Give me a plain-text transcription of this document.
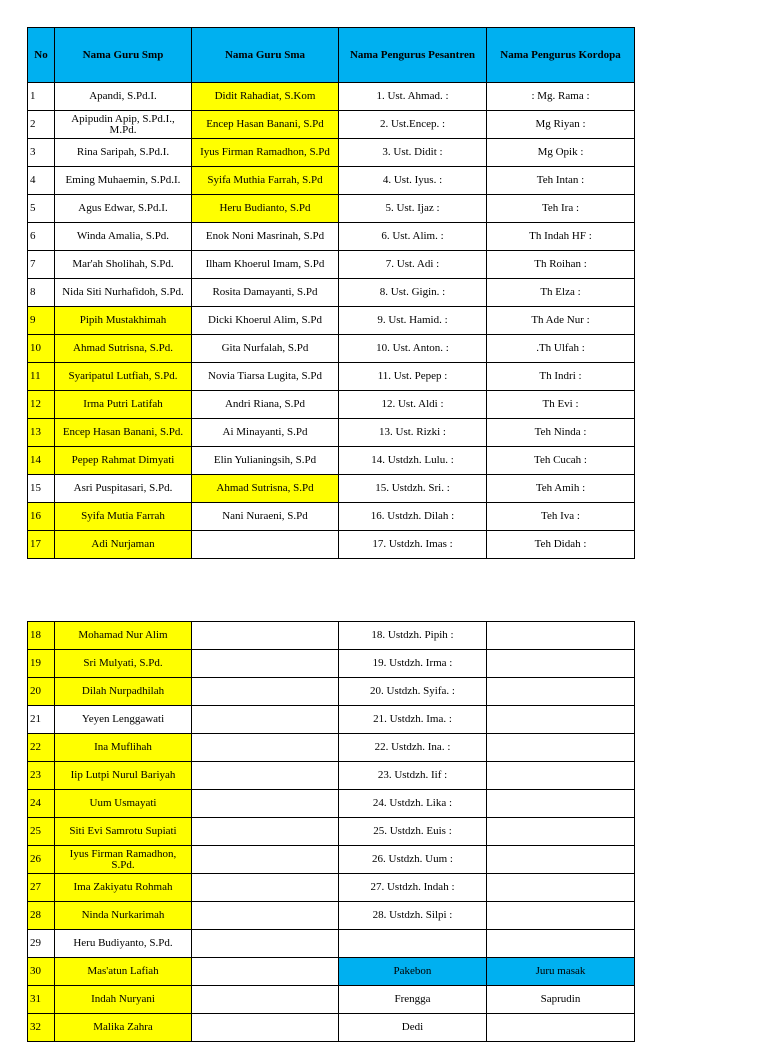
No	Nama Guru Smp	Nama Guru Sma	Nama Pengurus Pesantren	Nama Pengurus Kordopa
1	Apandi, S.Pd.I.	Didit Rahadiat, S.Kom	1. Ust. Ahmad. :	: Mg. Rama :
2	Apipudin Apip, S.Pd.I., M.Pd.	Encep Hasan Banani, S.Pd	2. Ust.Encep. :	Mg Riyan :
3	Rina Saripah, S.Pd.I.	Iyus Firman Ramadhon, S.Pd	3. Ust. Didit :	Mg Opik :
4	Eming Muhaemin, S.Pd.I.	Syifa Muthia Farrah, S.Pd	4. Ust. Iyus. :	Teh Intan :
5	Agus Edwar, S.Pd.I.	Heru Budianto, S.Pd	5. Ust. Ijaz :	Teh Ira :
6	Winda Amalia, S.Pd.	Enok Noni Masrinah, S.Pd	6. Ust. Alim. :	Th Indah HF :
7	Mar'ah Sholihah, S.Pd.	Ilham Khoerul Imam, S.Pd	7. Ust. Adi :	Th Roihan :
8	Nida Siti Nurhafidoh, S.Pd.	Rosita Damayanti, S.Pd	8. Ust. Gigin. :	Th Elza :
9	Pipih Mustakhimah	Dicki Khoerul Alim, S.Pd	9. Ust. Hamid. :	Th Ade Nur :
10	Ahmad Sutrisna, S.Pd.	Gita Nurfalah, S.Pd	10. Ust. Anton. :	.Th Ulfah :
11	Syaripatul Lutfiah, S.Pd.	Novia Tiarsa Lugita, S.Pd	11. Ust. Pepep :	Th Indri :
12	Irma Putri Latifah	Andri Riana, S.Pd	12. Ust. Aldi :	Th Evi :
13	Encep Hasan Banani, S.Pd.	Ai Minayanti, S.Pd	13. Ust. Rizki :	Teh Ninda :
14	Pepep Rahmat Dimyati	Elin Yulianingsih, S.Pd	14. Ustdzh. Lulu. :	Teh Cucah :
15	Asri Puspitasari, S.Pd.	Ahmad Sutrisna, S.Pd	15. Ustdzh. Sri. :	Teh Amih :
16	Syifa Mutia Farrah	Nani Nuraeni, S.Pd	16. Ustdzh. Dilah :	Teh Iva :
17	Adi Nurjaman		17. Ustdzh. Imas :	Teh Didah :
18	Mohamad Nur Alim		18. Ustdzh. Pipih :	
19	Sri Mulyati, S.Pd.		19. Ustdzh. Irma :	
20	Dilah Nurpadhilah		20. Ustdzh. Syifa. :	
21	Yeyen Lenggawati		21. Ustdzh. Ima. :	
22	Ina Muflihah		22. Ustdzh. Ina. :	
23	Iip Lutpi Nurul Bariyah		23. Ustdzh. Iif :	
24	Uum Usmayati		24. Ustdzh. Lika :	
25	Siti Evi Samrotu Supiati		25. Ustdzh. Euis :	
26	Iyus Firman Ramadhon, S.Pd.		26. Ustdzh. Uum :	
27	Ima Zakiyatu Rohmah		27. Ustdzh. Indah :	
28	Ninda Nurkarimah		28. Ustdzh. Silpi :	
29	Heru Budiyanto, S.Pd.			
30	Mas'atun Lafiah		Pakebon	Juru masak
31	Indah Nuryani		Frengga	Saprudin
32	Malika Zahra		Dedi	
